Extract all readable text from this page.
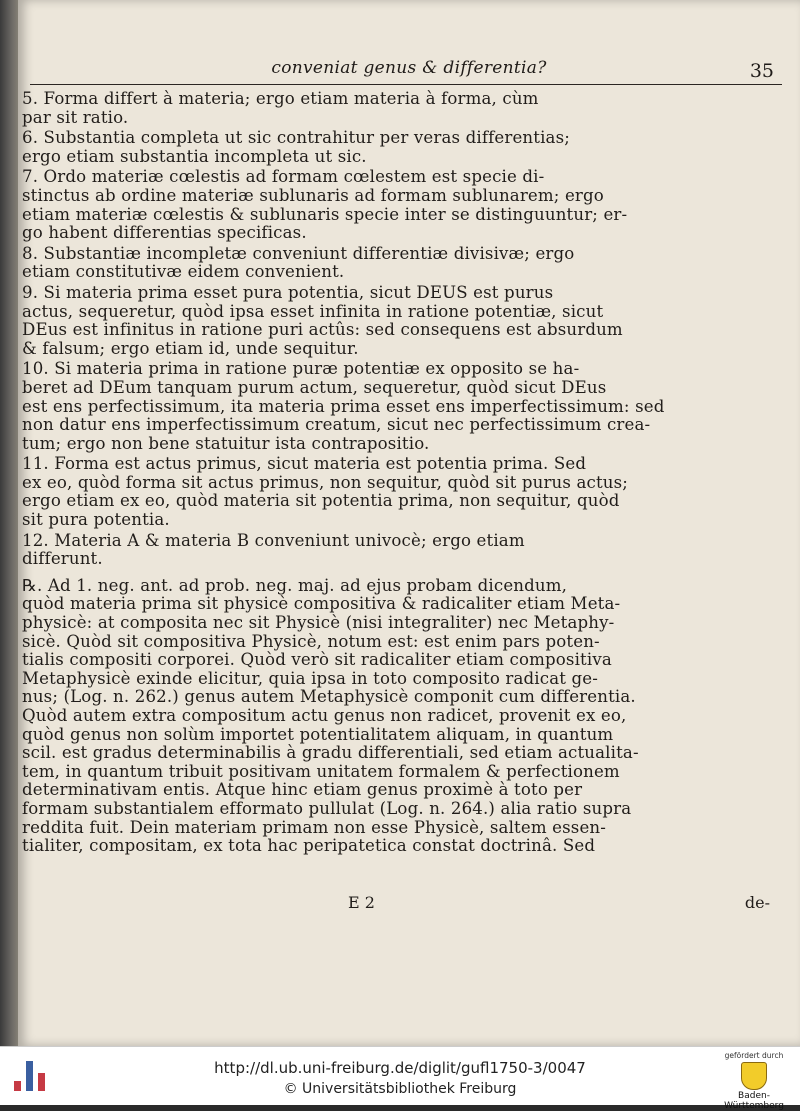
conveniat genus & differentia?	35
5. Forma differt à materia; ergo etiam materia à forma, cùm
par sit ratio.
6. Substantia completa ut sic contrahitur per veras differentias;
ergo etiam substantia incompleta ut sic.
7. Ordo materiæ cœlestis ad formam cœlestem est specie di-
stinctus ab ordine materiæ sublunaris ad formam sublunarem; ergo
etiam materiæ cœlestis & sublunaris specie inter se distinguuntur; er-
go habent differentias specificas.
8. Substantiæ incompletæ conveniunt differentiæ divisivæ; ergo
etiam constitutivæ eidem convenient.
9. Si materia prima esset pura potentia, sicut DEUS est purus
actus, sequeretur, quòd ipsa esset infinita in ratione potentiæ, sicut
DEus est infinitus in ratione puri actûs: sed consequens est absurdum
& falsum; ergo etiam id, unde sequitur.
10. Si materia prima in ratione puræ potentiæ ex opposito se ha-
beret ad DEum tanquam purum actum, sequeretur, quòd sicut DEus
est ens perfectissimum, ita materia prima esset ens imperfectissimum: sed
non datur ens imperfectissimum creatum, sicut nec perfectissimum crea-
tum; ergo non bene statuitur ista contrapositio.
11. Forma est actus primus, sicut materia est potentia prima. Sed
ex eo, quòd forma sit actus primus, non sequitur, quòd sit purus actus;
ergo etiam ex eo, quòd materia sit potentia prima, non sequitur, quòd
sit pura potentia.
12. Materia A & materia B conveniunt univocè; ergo etiam
differunt.
℞. Ad 1. neg. ant. ad prob. neg. maj. ad ejus probam dicendum,
quòd materia prima sit physicè compositiva & radicaliter etiam Meta-
physicè: at composita nec sit Physicè (nisi integraliter) nec Metaphy-
sicè. Quòd sit compositiva Physicè, notum est: est enim pars poten-
tialis compositi corporei. Quòd verò sit radicaliter etiam compositiva
Metaphysicè exinde elicitur, quia ipsa in toto composito radicat ge-
nus; (Log. n. 262.) genus autem Metaphysicè componit cum differentia.
Quòd autem extra compositum actu genus non radicet, provenit ex eo,
quòd genus non solùm importet potentialitatem aliquam, in quantum
scil. est gradus determinabilis à gradu differentiali, sed etiam actualita-
tem, in quantum tribuit positivam unitatem formalem & perfectionem
determinativam entis. Atque hinc etiam genus proximè à toto per
formam substantialem efformato pullulat (Log. n. 264.) alia ratio supra
reddita fuit. Dein materiam primam non esse Physicè, saltem essen-
tialiter, compositam, ex tota hac peripatetica constat doctrinâ. Sed
E 2	de-
http://dl.ub.uni-freiburg.de/diglit/gufl1750-3/0047
© Universitätsbibliothek Freiburg
gefördert durch
Baden-Württemberg
